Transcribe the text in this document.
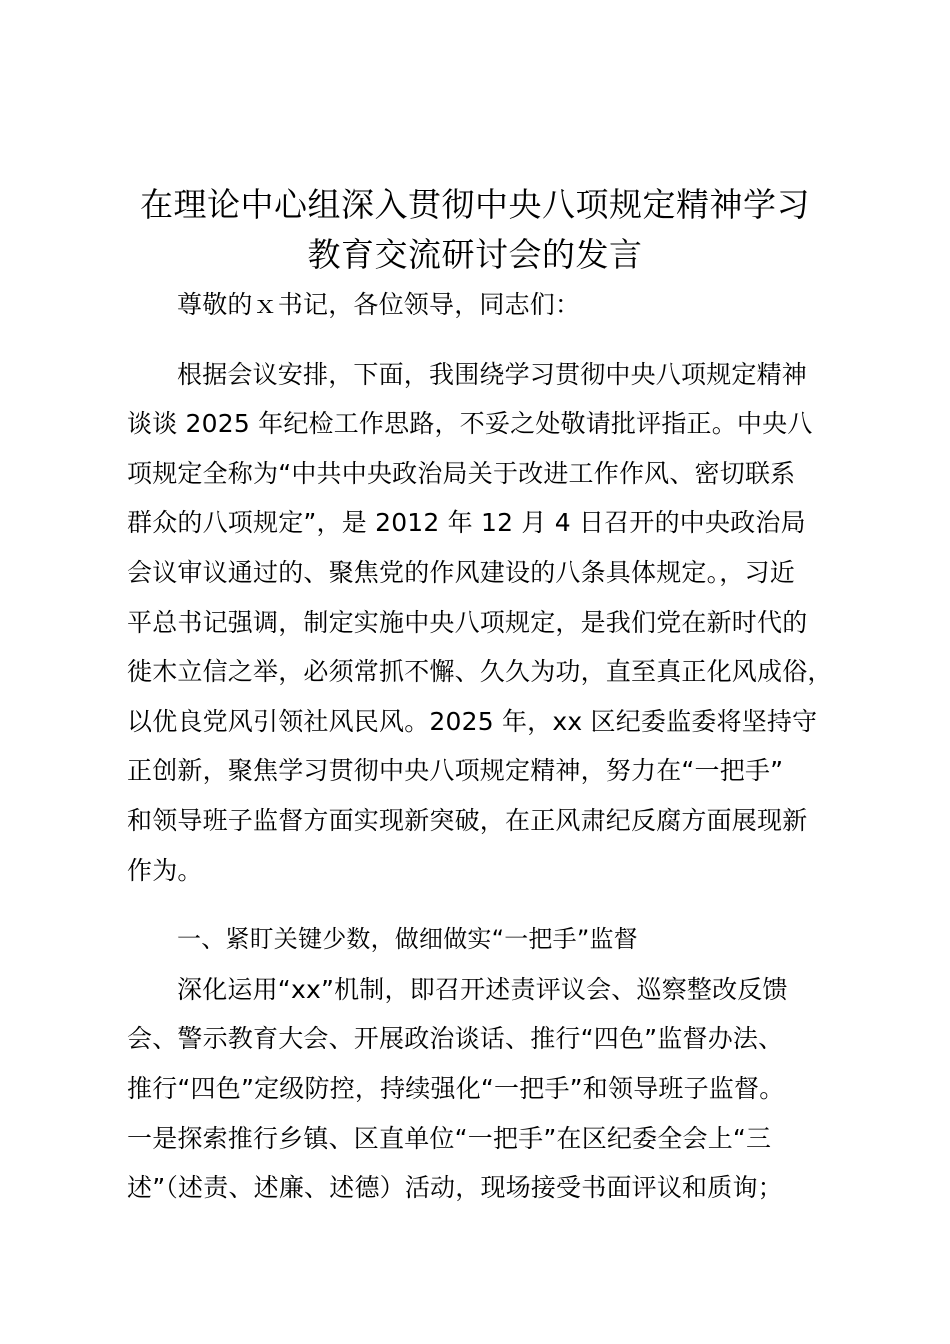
在理论中心组深入贯彻中央八项规定精神学习
教育交流研讨会的发言
尊敬的ｘ书记，各位领导，同志们：
根据会议安排，下面，我围绕学习贯彻中央八项规定精神
谈谈 2025 年纪检工作思路，不妥之处敬请批评指正。中央八
项规定全称为“中共中央政治局关于改进工作作风、密切联系
群众的八项规定”，是 2012 年 12 月 4 日召开的中央政治局
会议审议通过的、聚焦党的作风建设的八条具体规定。，习近
平总书记强调，制定实施中央八项规定，是我们党在新时代的
徙木立信之举，必须常抓不懈、久久为功，直至真正化风成俗，
以优良党风引领社风民风。2025 年，xx 区纪委监委将坚持守
正创新，聚焦学习贯彻中央八项规定精神，努力在“一把手”
和领导班子监督方面实现新突破，在正风肃纪反腐方面展现新
作为。
一、紧盯关键少数，做细做实“一把手”监督
深化运用“xx”机制，即召开述责评议会、巡察整改反馈
会、警示教育大会、开展政治谈话、推行“四色”监督办法、
推行“四色”定级防控，持续强化“一把手”和领导班子监督。
一是探索推行乡镇、区直单位“一把手”在区纪委全会上“三
述”（述责、述廉、述德）活动，现场接受书面评议和质询；
